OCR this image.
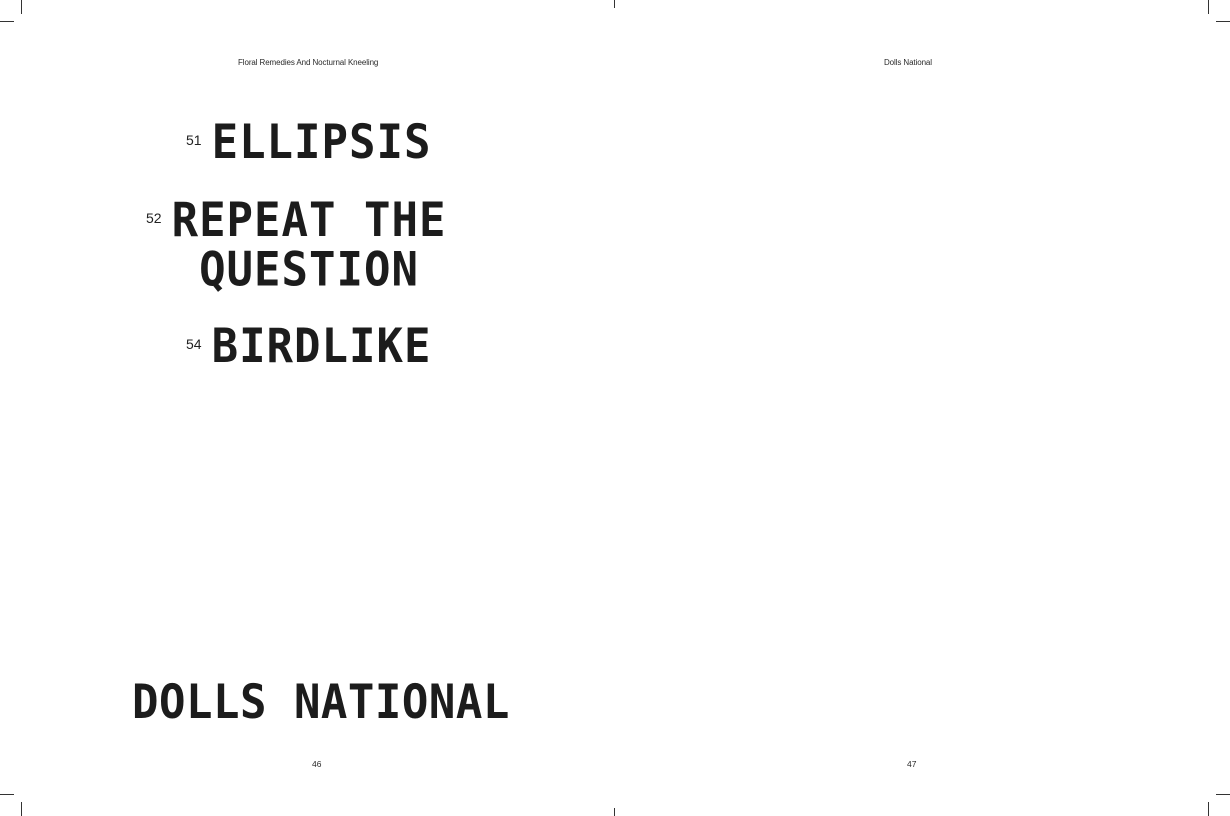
Floral Remedies And Nocturnal Kneeling
51 ELLIPSIS
52 REPEAT THE
QUESTION
54 BIRDLIKE
DOLLS NATIONAL
46
Dolls National
47
